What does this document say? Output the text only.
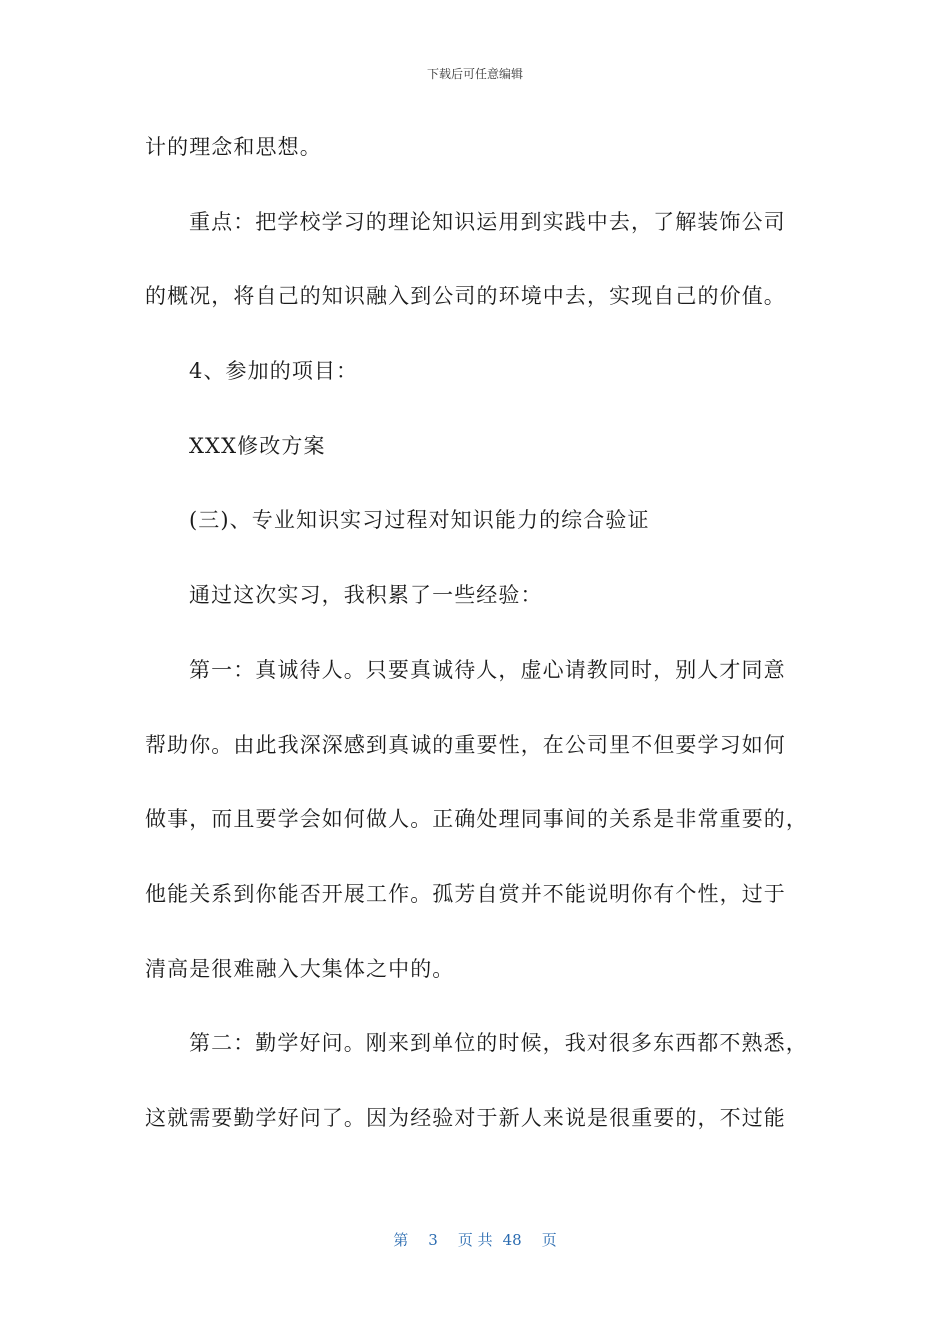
下载后可任意编辑
计的理念和思想。
重点：把学校学习的理论知识运用到实践中去，了解装饰公司
的概况，将自己的知识融入到公司的环境中去，实现自己的价值。
4、参加的项目：
XXX修改方案
(三)、专业知识实习过程对知识能力的综合验证
通过这次实习，我积累了一些经验：
第一：真诚待人。只要真诚待人，虚心请教同时，别人才同意
帮助你。由此我深深感到真诚的重要性，在公司里不但要学习如何
做事，而且要学会如何做人。正确处理同事间的关系是非常重要的，
他能关系到你能否开展工作。孤芳自赏并不能说明你有个性，过于
清高是很难融入大集体之中的。
第二：勤学好问。刚来到单位的时候，我对很多东西都不熟悉，
这就需要勤学好问了。因为经验对于新人来说是很重要的，不过能
第 3 页 共 48 页
